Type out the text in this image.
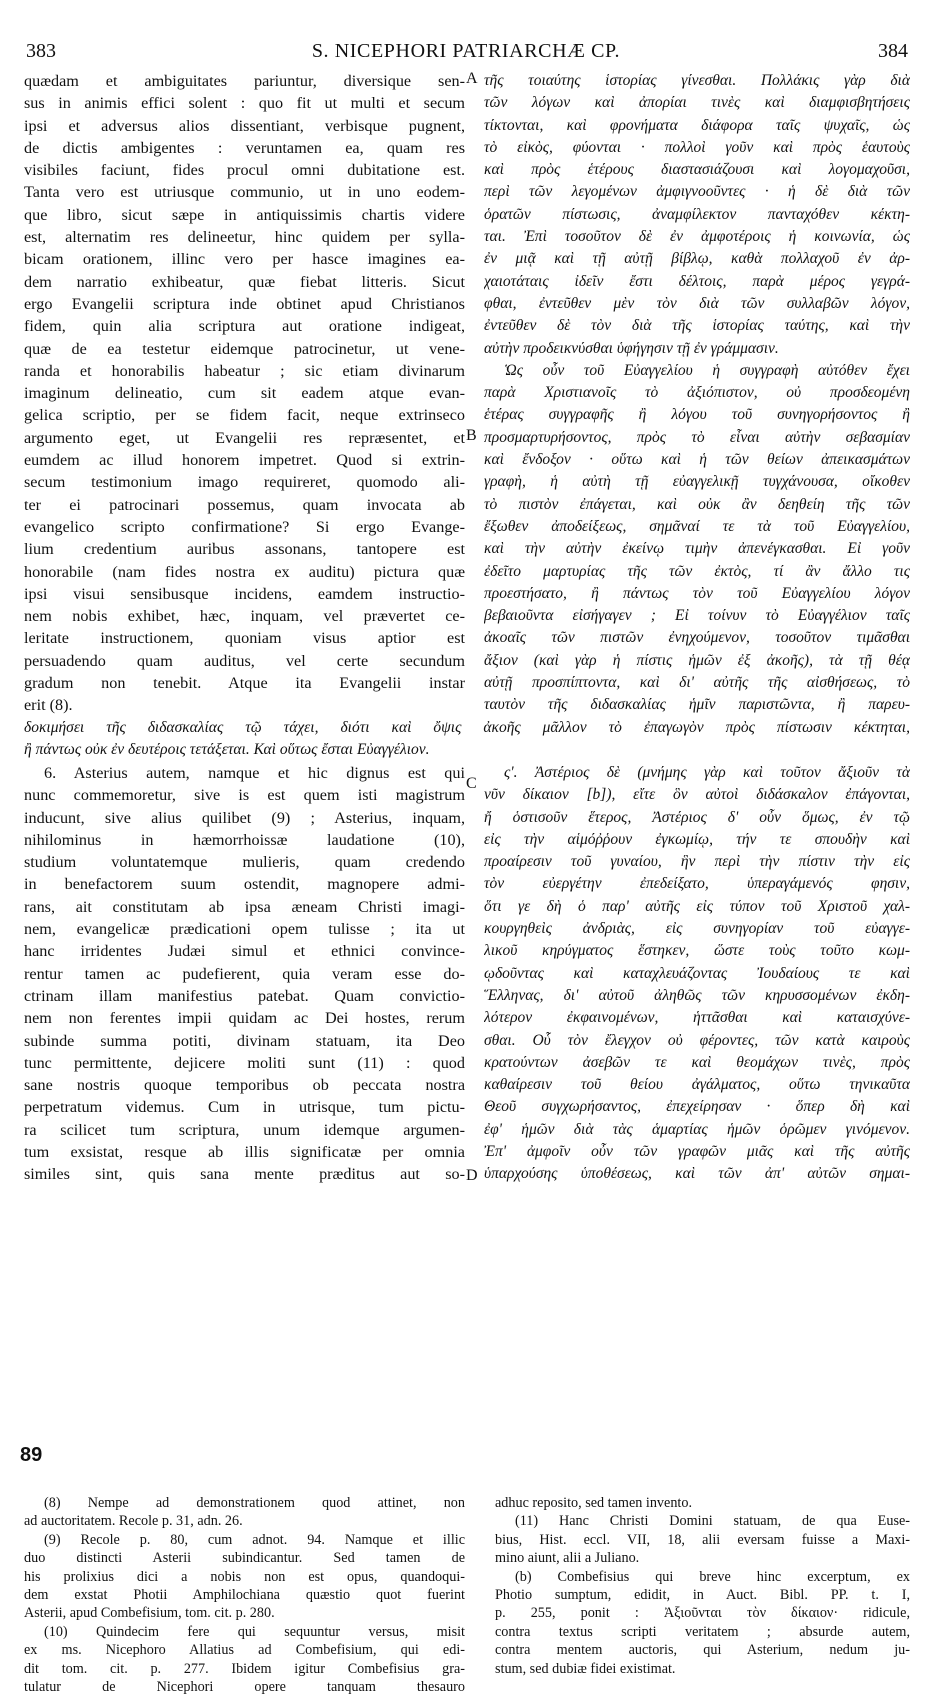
383	S. NICEPHORI PATRIARCHÆ CP.	384
quædam et ambiguitates pariuntur, diversique sen-
sus in animis effici solent : quo fit ut multi et secum
ipsi et adversus alios dissentiant, verbisque pugnent,
de dictis ambigentes : veruntamen ea, quam res
visibiles faciunt, fides procul omni dubitatione est.
Tanta vero est utriusque communio, ut in uno eodem-
que libro, sicut sæpe in antiquissimis chartis videre
est, alternatim res delineetur, hinc quidem per sylla-
bicam orationem, illinc vero per hasce imagines ea-
dem narratio exhibeatur, quæ fiebat litteris. Sicut
ergo Evangelii scriptura inde obtinet apud Christianos
fidem, quin alia scriptura aut oratione indigeat,
quæ de ea testetur eidemque patrocinetur, ut vene-
randa et honorabilis habeatur ; sic etiam divinarum
imaginum delineatio, cum sit eadem atque evan-
gelica scriptio, per se fidem facit, neque extrinseco
argumento eget, ut Evangelii res repræsentet, et
eumdem ac illud honorem impetret. Quod si extrin-
secum testimonium imago requireret, quomodo ali-
ter ei patrocinari possemus, quam invocata ab
evangelico scripto confirmatione? Si ergo Evange-
lium credentium auribus assonans, tantopere est
honorabile (nam fides nostra ex auditu) pictura quæ
ipsi visui sensibusque incidens, eamdem instructio-
nem nobis exhibet, hæc, inquam, vel prævertet ce-
leritate instructionem, quoniam visus aptior est
persuadendo quam auditus, vel certe secundum
gradum non tenebit. Atque ita Evangelii instar
erit (8).
τῆς τοιαύτης ἱστορίας γίνεσθαι. Πολλάκις γὰρ διὰ
τῶν λόγων καὶ ἀπορίαι τινὲς καὶ διαμφισβητήσεις
τίκτονται, καὶ φρονήματα διάφορα ταῖς ψυχαῖς, ὡς
τὸ εἰκὸς, φύονται · πολλοὶ γοῦν καὶ πρὸς ἑαυτοὺς
καὶ πρὸς ἑτέρους διαστασιάζουσι καὶ λογομαχοῦσι,
περὶ τῶν λεγομένων ἀμφιγνοοῦντες · ἡ δὲ διὰ τῶν
ὁρατῶν πίστωσις, ἀναμφίλεκτον πανταχόθεν κέκτη-
ται. Ἐπὶ τοσοῦτον δὲ ἐν ἀμφοτέροις ἡ κοινωνία, ὡς
ἐν μιᾷ καὶ τῇ αὐτῇ βίβλῳ, καθὰ πολλαχοῦ ἐν ἀρ-
χαιοτάταις ἰδεῖν ἔστι δέλτοις, παρὰ μέρος γεγρά-
φθαι, ἐντεῦθεν μὲν τὸν διὰ τῶν συλλαβῶν λόγον,
ἐντεῦθεν δὲ τὸν διὰ τῆς ἱστορίας ταύτης, καὶ τὴν
αὐτὴν προδεικνύσθαι ὑφήγησιν τῇ ἐν γράμμασιν.
Ὡς οὖν τοῦ Εὐαγγελίου ἡ συγγραφὴ αὐτόθεν ἔχει
παρὰ Χριστιανοῖς τὸ ἀξιόπιστον, οὐ προσδεομένη
ἑτέρας συγγραφῆς ἢ λόγου τοῦ συνηγορήσοντος ἢ
προσμαρτυρήσοντος, πρὸς τὸ εἶναι αὐτὴν σεβασμίαν
καὶ ἔνδοξον · οὕτω καὶ ἡ τῶν θείων ἀπεικασμάτων
γραφὴ, ἡ αὐτὴ τῇ εὐαγγελικῇ τυγχάνουσα, οἴκοθεν
τὸ πιστὸν ἐπάγεται, καὶ οὐκ ἂν δεηθείη τῆς τῶν
ἔξωθεν ἀποδείξεως, σημᾶναί τε τὰ τοῦ Εὐαγγελίου,
καὶ τὴν αὐτὴν ἐκείνῳ τιμὴν ἀπενέγκασθαι. Εἰ γοῦν
ἐδεῖτο μαρτυρίας τῆς τῶν ἐκτὸς, τί ἂν ἄλλο τις
προεστήσατο, ἢ πάντως τὸν τοῦ Εὐαγγελίου λόγον
βεβαιοῦντα εἰσήγαγεν ; Εἰ τοίνυν τὸ Εὐαγγέλιον ταῖς
ἀκοαῖς τῶν πιστῶν ἐνηχούμενον, τοσοῦτον τιμᾶσθαι
ἄξιον (καὶ γὰρ ἡ πίστις ἡμῶν ἐξ ἀκοῆς), τὰ τῇ θέᾳ
αὐτῇ προσπίπτοντα, καὶ δι' αὐτῆς τῆς αἰσθήσεως, τὸ
ταυτὸν τῆς διδασκαλίας ἡμῖν παριστῶντα, ἢ παρευ-
δοκιμήσει τῆς διδασκαλίας τῷ τάχει, διότι καὶ ὄψις ἀκοῆς μᾶλλον τὸ ἐπαγωγὸν πρὸς πίστωσιν κέκτηται,
ἢ πάντως οὐκ ἐν δευτέροις τετάξεται. Καὶ οὕτως ἔσται Εὐαγγέλιον.
6. Asterius autem, namque et hic dignus est qui
nunc commemoretur, sive is est quem isti magistrum
inducunt, sive alius quilibet (9) ; Asterius, inquam,
nihilominus in hæmorrhoissæ laudatione (10),
studium voluntatemque mulieris, quam credendo
in benefactorem suum ostendit, magnopere admi-
rans, ait constitutam ab ipsa æneam Christi imagi-
nem, evangelicæ prædicationi opem tulisse ; ita ut
hanc irridentes Judæi simul et ethnici convince-
rentur tamen ac pudefierent, quia veram esse do-
ctrinam illam manifestius patebat. Quam convictio-
nem non ferentes impii quidam ac Dei hostes, rerum
subinde summa potiti, divinam statuam, ita Deo
tunc permittente, dejicere moliti sunt (11) : quod
sane nostris quoque temporibus ob peccata nostra
perpetratum videmus. Cum in utrisque, tum pictu-
ra scilicet tum scriptura, unum idemque argumen-
tum exsistat, resque ab illis significatæ per omnia
similes sint, quis sana mente præditus aut so-
ς'. Ἀστέριος δὲ (μνήμης γὰρ καὶ τοῦτον ἄξιοῦν τὰ
νῦν δίκαιον [b]), εἴτε ὃν αὐτοὶ διδάσκαλον ἐπάγονται,
ἤ ὁστισοῦν ἕτερος, Ἀστέριος δ' οὖν ὅμως, ἐν τῷ
εἰς τὴν αἱμόῤῥουν ἐγκωμίῳ, τήν τε σπουδὴν καὶ
προαίρεσιν τοῦ γυναίου, ἣν περὶ τὴν πίστιν τὴν εἰς
τὸν εὐεργέτην ἐπεδείξατο, ὑπεραγάμενός φησιν,
ὅτι γε δὴ ὁ παρ' αὐτῆς εἰς τύπον τοῦ Χριστοῦ χαλ-
κουργηθεὶς ἀνδριὰς, εἰς συνηγορίαν τοῦ εὐαγγε-
λικοῦ κηρύγματος ἕστηκεν, ὥστε τοὺς τοῦτο κωμ-
ῳδοῦντας καὶ καταχλευάζοντας Ἰουδαίους τε καὶ
Ἕλληνας, δι' αὐτοῦ ἀληθῶς τῶν κηρυσσομένων ἐκδη-
λότερον ἐκφαινομένων, ἡττᾶσθαι καὶ καταισχύνε-
σθαι. Οὗ τὸν ἔλεγχον οὐ φέροντες, τῶν κατὰ καιροὺς
κρατούντων ἀσεβῶν τε καὶ θεομάχων τινὲς, πρὸς
καθαίρεσιν τοῦ θείου ἀγάλματος, οὕτω τηνικαῦτα
Θεοῦ συγχωρήσαντος, ἐπεχείρησαν · ὅπερ δὴ καὶ
ἐφ' ἡμῶν διὰ τὰς ἁμαρτίας ἡμῶν ὁρῶμεν γινόμενον.
Ἐπ' ἀμφοῖν οὖν τῶν γραφῶν μιᾶς καὶ τῆς αὐτῆς
ὑπαρχούσης ὑποθέσεως, καὶ τῶν ἀπ' αὐτῶν σημαι-
A
B
C
D
89
(8) Nempe ad demonstrationem quod attinet, non
ad auctoritatem. Recole p. 31, adn. 26.
(9) Recole p. 80, cum adnot. 94. Namque et illic
duo distincti Asterii subindicantur. Sed tamen de
his prolixius dici a nobis non est opus, quandoqui-
dem exstat Photii Amphilochiana quæstio quot fuerint
Asterii, apud Combefisium, tom. cit. p. 280.
(10) Quindecim fere qui sequuntur versus, misit
ex ms. Nicephoro Allatius ad Combefisium, qui edi-
dit tom. cit. p. 277. Ibidem igitur Combefisius gra-
tulatur de Nicephori opere tanquam thesauro
adhuc reposito, sed tamen invento.
(11) Hanc Christi Domini statuam, de qua Euse-
bius, Hist. eccl. VII, 18, alii eversam fuisse a Maxi-
mino aiunt, alii a Juliano.
(b) Combefisius qui breve hinc excerptum, ex
Photio sumptum, edidit, in Auct. Bibl. PP. t. I,
p. 255, ponit : Ἀξιοῦνται τὸν δίκαιον· ridicule,
contra textus scripti veritatem ; absurde autem,
contra mentem auctoris, qui Asterium, nedum ju-
stum, sed dubiæ fidei existimat.
